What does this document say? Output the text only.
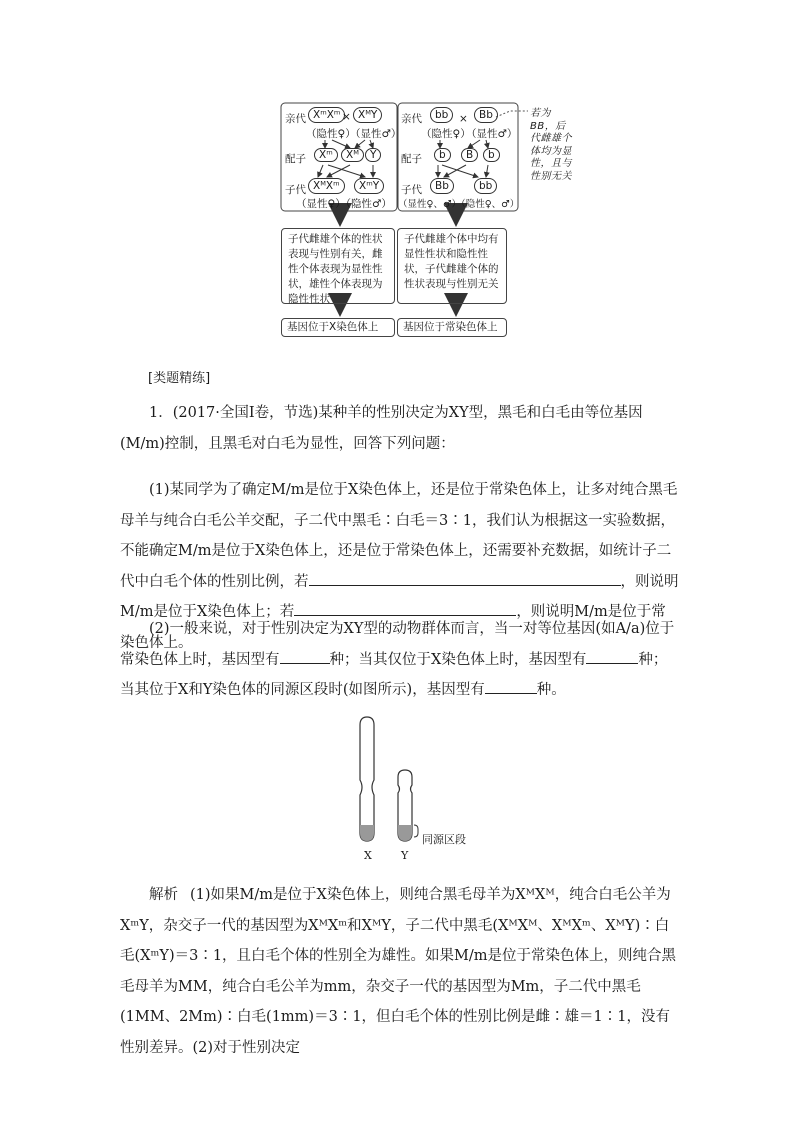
亲代 XᵐXᵐ × XᴹY
（隐性♀）
（显性♂）
配子	Xᵐ	Xᴹ	Y
子代 XᴹXᵐ	XᵐY
（显性♀）（隐性♂）
子代雌雄个体的性状表现与性别有关，雌性个体表现为显性性状，雄性个体表现为隐性性状
基因位于X染色体上
亲代	bb	×	Bb
（隐性♀）
（显性♂）
配子	b	B	b
子代	Bb	bb
（显性♀、♂）（隐性♀、♂）
若为BB，后代雌雄个体均为显性，且与性别无关
子代雌雄个体中均有显性性状和隐性性状，子代雌雄个体的性状表现与性别无关
基因位于常染色体上
[类题精练]
1．(2017·全国Ⅰ卷，节选)某种羊的性别决定为XY型，黑毛和白毛由等位基因(M/m)控制，且黑毛对白毛为显性，回答下列问题：
(1)某同学为了确定M/m是位于X染色体上，还是位于常染色体上，让多对纯合黑毛母羊与纯合白毛公羊交配，子二代中黑毛∶白毛＝3∶1，我们认为根据这一实验数据，不能确定M/m是位于X染色体上，还是位于常染色体上，还需要补充数据，如统计子二代中白毛个体的性别比例，若	，则说明M/m是位于X染色体上；若	，则说明M/m是位于常染色体上。
(2)一般来说，对于性别决定为XY型的动物群体而言，当一对等位基因(如A/a)位于常染色体上时，基因型有	种；当其仅位于X染色体上时，基因型有	种；当其位于X和Y染色体的同源区段时(如图所示)，基因型有	种。
同源区段
X	Y
解析 (1)如果M/m是位于X染色体上，则纯合黑毛母羊为XᴹXᴹ，纯合白毛公羊为XᵐY，杂交子一代的基因型为XᴹXᵐ和XᴹY，子二代中黑毛(XᴹXᴹ、XᴹXᵐ、XᴹY)∶白毛(XᵐY)＝3∶1，且白毛个体的性别全为雄性。如果M/m是位于常染色体上，则纯合黑毛母羊为MM，纯合白毛公羊为mm，杂交子一代的基因型为Mm，子二代中黑毛(1MM、2Mm)∶白毛(1mm)＝3∶1，但白毛个体的性别比例是雌∶雄＝1∶1，没有性别差异。(2)对于性别决定
